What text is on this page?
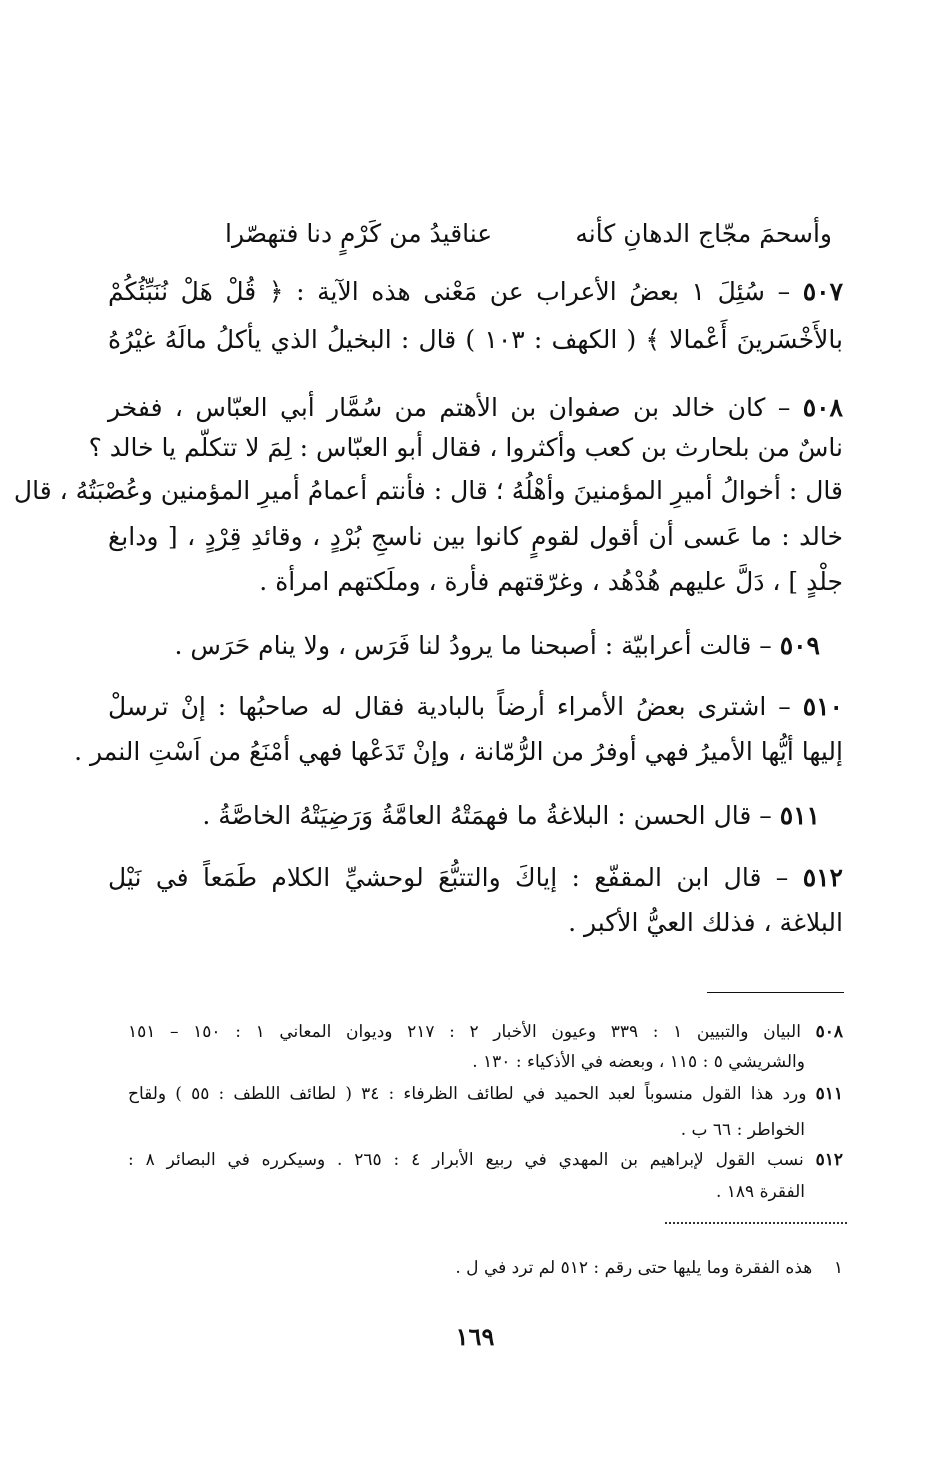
وأسحمَ مجّاج الدهانِ كأنه
عناقيدُ من كَرْمٍ دنا فتهصّرا
٥٠٧ – سُئِلَ ١ بعضُ الأعراب عن مَعْنى هذه الآية : ﴿ قُلْ هَلْ نُنَبِّئُكُمْ
بالأَخْسَرينَ أَعْمالا ﴾ ( الكهف : ١٠٣ ) قال : البخيلُ الذي يأكلُ مالَهُ غيْرُهُ
٥٠٨ – كان خالد بن صفوان بن الأهتم من سُمَّار أبي العبّاس ، ففخر
ناسٌ من بلحارث بن كعب وأكثروا ، فقال أبو العبّاس : لِمَ لا تتكلّم يا خالد ؟
قال : أخوالُ أميرِ المؤمنينَ وأهْلُهُ ؛ قال : فأنتم أعمامُ أميرِ المؤمنين وعُصْبَتُهُ ، قال
خالد : ما عَسى أن أقول لقومٍ كانوا بين ناسجِ بُرْدٍ ، وقائدِ قِرْدٍ ، [ ودابغ
جلْدٍ ] ، دَلَّ عليهم هُدْهُد ، وغرّقتهم فأرة ، وملَكتهم امرأة .
٥٠٩ – قالت أعرابيّة : أصبحنا ما يرودُ لنا فَرَس ، ولا ينام حَرَس .
٥١٠ – اشترى بعضُ الأمراء أرضاً بالبادية فقال له صاحبُها : إنْ ترسلْ
إليها أيُّها الأميرُ فهي أوفرُ من الرُّمّانة ، وإنْ تَدَعْها فهي أمْنَعُ من اَسْتِ النمر .
٥١١ – قال الحسن : البلاغةُ ما فهمَتْهُ العامَّةُ وَرَضِيَتْهُ الخاصَّةُ .
٥١٢ – قال ابن المقفّع : إياكَ والتتبُّعَ لوحشيِّ الكلام طَمَعاً في نَيْل
البلاغة ، فذلك العيُّ الأكبر .
٥٠٨ البيان والتبيين ١ : ٣٣٩ وعيون الأخبار ٢ : ٢١٧ وديوان المعاني ١ : ١٥٠ – ١٥١
والشريشي ٥ : ١١٥ ، وبعضه في الأذكياء : ١٣٠ .
٥١١ ورد هذا القول منسوباً لعبد الحميد في لطائف الظرفاء : ٣٤ ( لطائف اللطف : ٥٥ ) ولقاح
الخواطر : ٦٦ ب .
٥١٢ نسب القول لإبراهيم بن المهدي في ربيع الأبرار ٤ : ٢٦٥ . وسيكرره في البصائر ٨ :
الفقرة ١٨٩ .
١    هذه الفقرة وما يليها حتى رقم : ٥١٢ لم ترد في ل .
١٦٩
